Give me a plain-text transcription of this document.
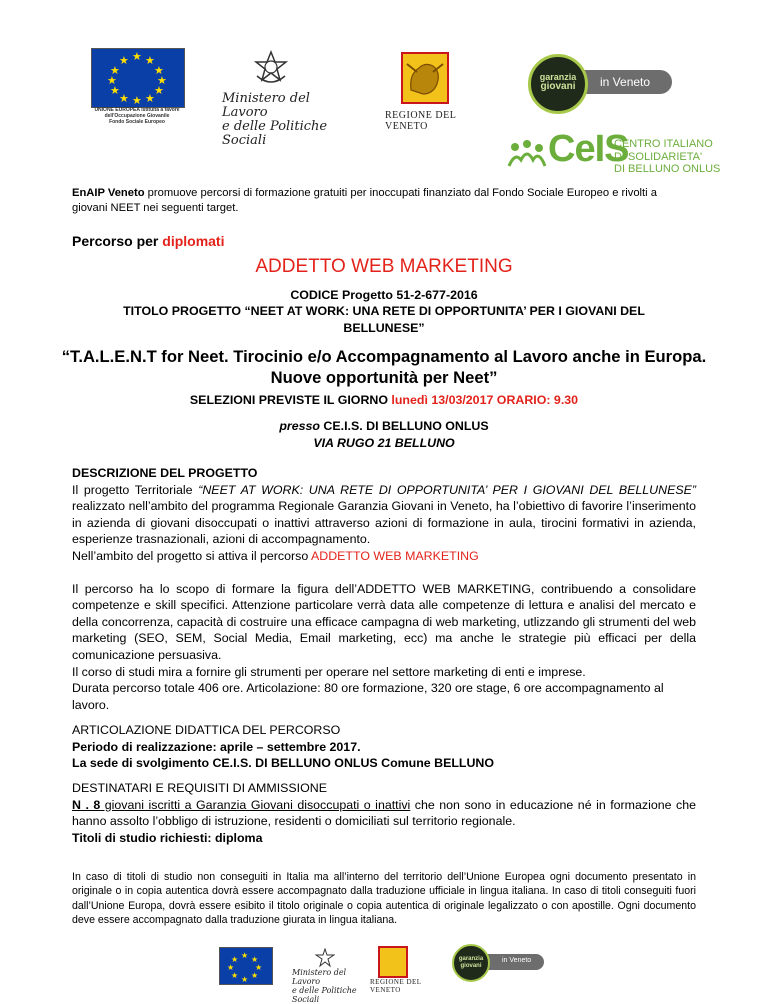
★ ★
★
★
★
★
★
★
★
★
★
★
UNIONE EUROPEA Istituita a favore
dell'Occupazione Giovanile
Fondo Sociale Europeo
Ministero del Lavoro
e delle Politiche Sociali
REGIONE DEL VENETO
in Veneto
garanzia
giovani
CeIS
CENTRO ITALIANO
DI SOLIDARIETA'
DI BELLUNO ONLUS
EnAIP Veneto promuove percorsi di formazione gratuiti per inoccupati finanziato dal Fondo Sociale Europeo e rivolti a
giovani NEET nei seguenti target.
Percorso per diplomati
ADDETTO WEB MARKETING
CODICE Progetto 51-2-677-2016
TITOLO PROGETTO “NEET AT WORK: UNA RETE DI OPPORTUNITA’ PER I GIOVANI DEL
BELLUNESE”
“T.A.L.E.N.T for Neet. Tirocinio e/o Accompagnamento al Lavoro anche in Europa.
Nuove opportunità per Neet”
SELEZIONI PREVISTE IL GIORNO lunedì 13/03/2017 ORARIO: 9.30
presso CE.I.S. DI BELLUNO ONLUS
VIA RUGO 21 BELLUNO
DESCRIZIONE DEL PROGETTO
Il progetto Territoriale “NEET AT WORK: UNA RETE DI OPPORTUNITA’ PER I GIOVANI DEL BELLUNESE” realizzato nell’ambito del programma Regionale Garanzia Giovani in Veneto, ha l’obiettivo di favorire l’inserimento in azienda di giovani disoccupati o inattivi attraverso azioni di formazione in aula, tirocini formativi in azienda, esperienze trasnazionali, azioni di accompagnamento.
Nell’ambito del progetto si attiva il percorso ADDETTO WEB MARKETING
Il percorso ha lo scopo di formare la figura dell’ADDETTO WEB MARKETING, contribuendo a consolidare competenze e skill specifici. Attenzione particolare verrà data alle competenze di lettura e analisi del mercato e della concorrenza, capacità di costruire una efficace campagna di web marketing, utlizzando gli strumenti del web marketing (SEO, SEM, Social Media, Email marketing, ecc) ma anche le strategie più efficaci per della comunicazione persuasiva.
Il corso di studi mira a fornire gli strumenti per operare nel settore marketing di enti e imprese.
Durata percorso totale 406 ore. Articolazione: 80 ore formazione, 320 ore stage, 6 ore accompagnamento al lavoro.
ARTICOLAZIONE DIDATTICA DEL PERCORSO
Periodo di realizzazione: aprile – settembre 2017.
La sede di svolgimento CE.I.S. DI BELLUNO ONLUS Comune BELLUNO
DESTINATARI E REQUISITI DI AMMISSIONE
N . 8 giovani iscritti a Garanzia Giovani disoccupati o inattivi che non sono in educazione né in formazione che hanno assolto l’obbligo di istruzione, residenti o domiciliati sul territorio regionale.
Titoli di studio richiesti: diploma
In caso di titoli di studio non conseguiti in Italia ma all’interno del territorio dell’Unione Europea ogni documento presentato in originale o in copia autentica dovrà essere accompagnato dalla traduzione ufficiale in lingua italiana. In caso di titoli conseguiti fuori dall’Unione Europa, dovrà essere esibito il titolo originale o copia autentica di originale legalizzato o con apostille. Ogni documento deve essere accompagnato dalla traduzione giurata in lingua italiana.
★ ★
★
★
★
★
★
★
Ministero del Lavoro
e delle Politiche Sociali
REGIONE DEL VENETO
in Veneto
garanzia
giovani
